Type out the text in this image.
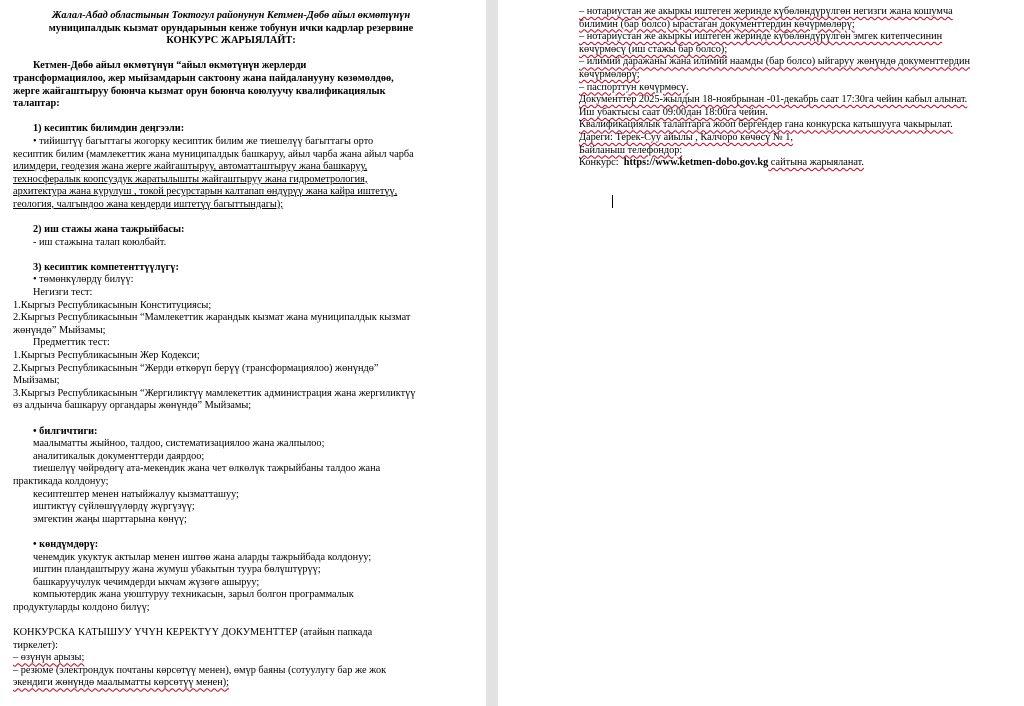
Жалал-Абад областынын Токтогул районунун Кетмен-Дөбө айыл өкмөтүнүн

муниципалдык кызмат орундарынын кенже тобунун ички кадрлар резервине

КОНКУРС ЖАРЫЯЛАЙТ:

Кетмен-Дөбө айыл өкмөтүнүн “айыл өкмөтүнүн жерлерди

трансформациялоо, жер мыйзамдарын сактоону жана пайдаланууну көзөмөлдөө,

жерге жайгаштыруу боюнча кызмат орун боюнча коюлуучу квалификациялык

талаптар:

1) кесиптик билимдин деңгээли:

• тийиштүү багыттагы жогорку кесиптик билим же тиешелүү багыттагы орто

кесиптик билим (мамлекеттик жана муниципалдык башкаруу, айыл чарба жана айыл чарба

илимдери, геодезия жана жерге жайгаштыруу, автоматташтыруу жана башкаруу,

техносфералык коопсуздук жаратылышты жайгаштыруу жана гидрометрология,

архитектура жана курулуш , токой ресурстарын калтапап өндүрүү жана кайра иштетүү,

геология, чалгындоо жана кендерди иштетүү багыттындагы);

2) иш стажы жана тажрыйбасы:

- иш стажына талап коюлбайт.

3) кесиптик компетенттүүлүгү:

• төмөнкүлөрдү билүү:

Негизги тест:

1.Кыргыз Республикасынын Конституциясы;

2.Кыргыз Республикасынын “Мамлекеттик жарандык кызмат жана муниципалдык кызмат

жөнүндө” Мыйзамы;

Предметтик тест:

1.Кыргыз Республикасынын Жер Кодекси;

2.Кыргыз Республикасынын “Жерди өткөрүп берүү (трансформациялоо) жөнүндө”

Мыйзамы;

3.Кыргыз Республикасынын “Жергиликтүү мамлекеттик администрация жана жергиликтүү

өз алдынча башкаруу органдары жөнүндө” Мыйзамы;

• билгичтиги:

маалыматты жыйноо, талдоо, систематизациялоо жана жалпылоо;

аналитикалык документтерди даярдоо;

тиешелүү чөйрөдөгү ата-мекендик жана чет өлкөлүк тажрыйбаны талдоо жана

практикада колдонуу;

кесиптештер менен натыйжалуу кызматташуу;

иштиктүү сүйлөшүүлөрдү жүргүзүү;

эмгектин жаңы шарттарына көнүү;

• көндүмдөрү:

ченемдик укуктук актылар менен иштөө жана аларды тажрыйбада колдонуу;

иштин пландаштыруу жана жумуш убакытын туура бөлүштүрүү;

башкаруучулук чечимдерди ыкчам жүзөгө ашыруу;

компьютердик жана уюштуруу техникасын, зарыл болгон программалык

продуктуларды колдоно билүү;

КОНКУРСКА КАТЫШУУ ҮЧҮН КЕРЕКТҮҮ ДОКУМЕНТТЕР (атайын папкада

тиркелет):

– өзүнүн арызы;

– резюме (электрондук почтаны көрсөтүү менен), өмүр баяны (сотуулугу бар же жок

экендиги жөнүндө маалыматты көрсөтүү менен);

– нотариустан же акыркы иштеген жеринде күбөлөндүрүлгөн негизги жана кошумча

билимин (бар болсо) ырастаган документтердин көчүрмөлөрү;

– нотариустан же акыркы иштеген жеринде күбөлөндүрүлгөн эмгек китепчесинин

көчүрмөсү (иш стажы бар болсо);

– илимий даражаны жана илимий наамды (бар болсо) ыйгаруу жөнүндө документтердин

көчүрмөлөрү;

– паспорттун көчүрмөсү.

Документтер 2025-жылдын 18-ноябрынан -01-декабрь саат 17:30га чейин кабыл алынат.

Иш убактысы саат 09:00дан 18:00га чейин.

Квалификациялык талаптарга жооп бергендер гана конкурска катышууга чакырылат.

Дареги: Терек-Суу айылы , Калчоро көчөсү № 1,

Байланыш телефондор:

Конкурс: https://www.ketmen-dobo.gov.kg сайтына жарыяланат.
